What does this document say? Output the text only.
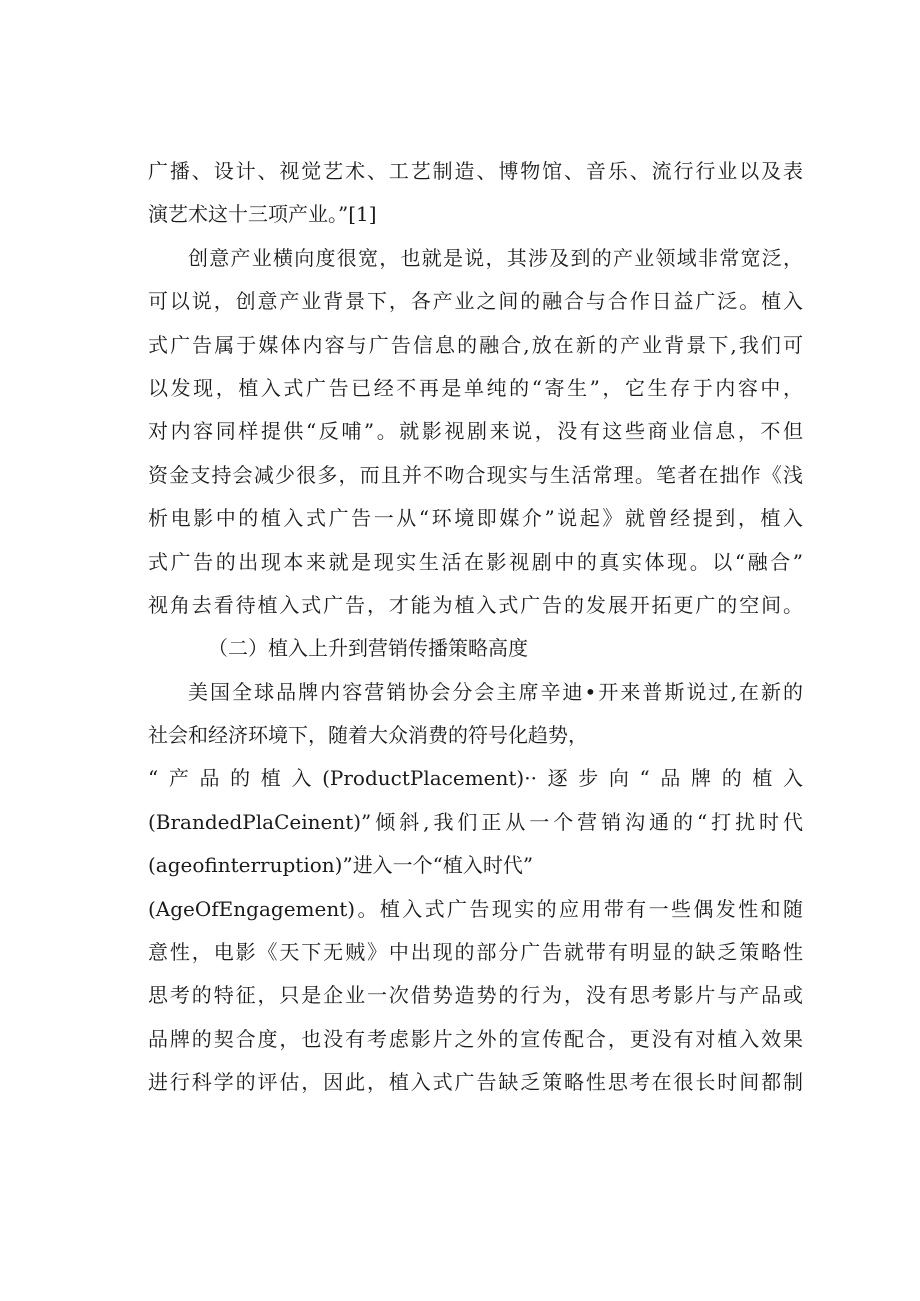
广播、设计、视觉艺术、工艺制造、博物馆、音乐、流行行业以及表
演艺术这十三项产业。”[1]
创意产业横向度很宽，也就是说，其涉及到的产业领域非常宽泛，
可以说，创意产业背景下，各产业之间的融合与合作日益广泛。植入
式广告属于媒体内容与广告信息的融合,放在新的产业背景下,我们可
以发现，植入式广告已经不再是单纯的“寄生”，它生存于内容中，
对内容同样提供“反哺”。就影视剧来说，没有这些商业信息，不但
资金支持会减少很多，而且并不吻合现实与生活常理。笔者在拙作《浅
析电影中的植入式广告一从“环境即媒介”说起》就曾经提到，植入
式广告的出现本来就是现实生活在影视剧中的真实体现。以“融合”
视角去看待植入式广告，才能为植入式广告的发展开拓更广的空间。
（二）植入上升到营销传播策略高度
美国全球品牌内容营销协会分会主席辛迪•开来普斯说过,在新的
社会和经济环境下，随着大众消费的符号化趋势，
“产品的植入(ProductPlacement)··逐步向“品牌的植入
(BrandedPlaCeinent)”倾斜,我们正从一个营销沟通的“打扰时代
(ageofinterruption)”进入一个“植入时代”
(AgeOfEngagement)。植入式广告现实的应用带有一些偶发性和随
意性，电影《天下无贼》中出现的部分广告就带有明显的缺乏策略性
思考的特征，只是企业一次借势造势的行为，没有思考影片与产品或
品牌的契合度，也没有考虑影片之外的宣传配合，更没有对植入效果
进行科学的评估，因此，植入式广告缺乏策略性思考在很长时间都制
